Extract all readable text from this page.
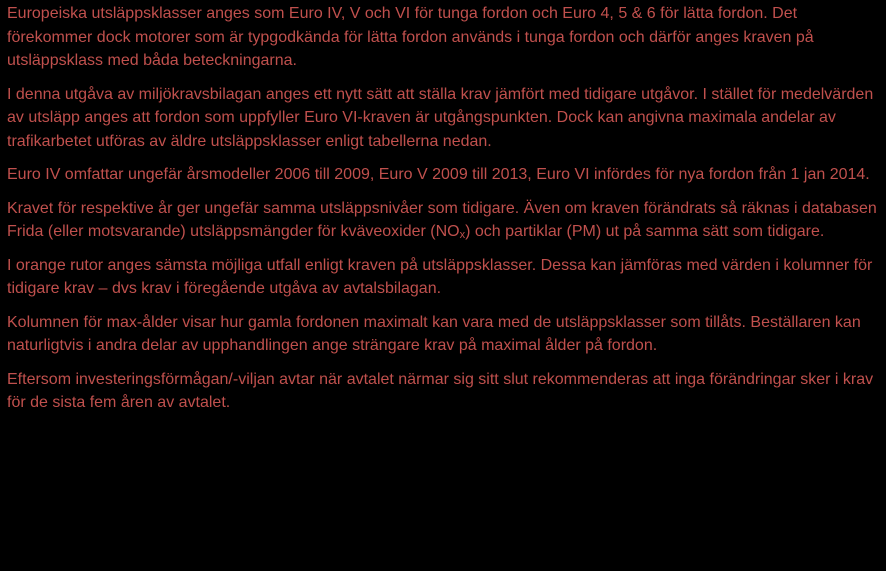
Europeiska utsläppsklasser anges som Euro IV, V och VI för tunga fordon och Euro 4, 5 & 6 för lätta fordon. Det förekommer dock motorer som är typgodkända för lätta fordon används i tunga fordon och därför anges kraven på utsläppsklass med båda beteckningarna.

I denna utgåva av miljökravsbilagan anges ett nytt sätt att ställa krav jämfört med tidigare utgåvor. I stället för medelvärden av utsläpp anges att fordon som uppfyller Euro VI-kraven är utgångspunkten. Dock kan angivna maximala andelar av trafikarbetet utföras av äldre utsläppsklasser enligt tabellerna nedan.

Euro IV omfattar ungefär årsmodeller 2006 till 2009, Euro V 2009 till 2013, Euro VI infördes för nya fordon från 1 jan 2014.

Kravet för respektive år ger ungefär samma utsläppsnivåer som tidigare. Även om kraven förändrats så räknas i databasen Frida (eller motsvarande) utsläppsmängder för kväveoxider (NOx) och partiklar (PM) ut på samma sätt som tidigare.

I orange rutor anges sämsta möjliga utfall enligt kraven på utsläppsklasser. Dessa kan jämföras med värden i kolumner för tidigare krav – dvs krav i föregående utgåva av avtalsbilagan.

Kolumnen för max-ålder visar hur gamla fordonen maximalt kan vara med de utsläppsklasser som tillåts. Beställaren kan naturligtvis i andra delar av upphandlingen ange strängare krav på maximal ålder på fordon.

Eftersom investeringsförmågan/-viljan avtar när avtalet närmar sig sitt slut rekommenderas att inga förändringar sker i krav för de sista fem åren av avtalet.
